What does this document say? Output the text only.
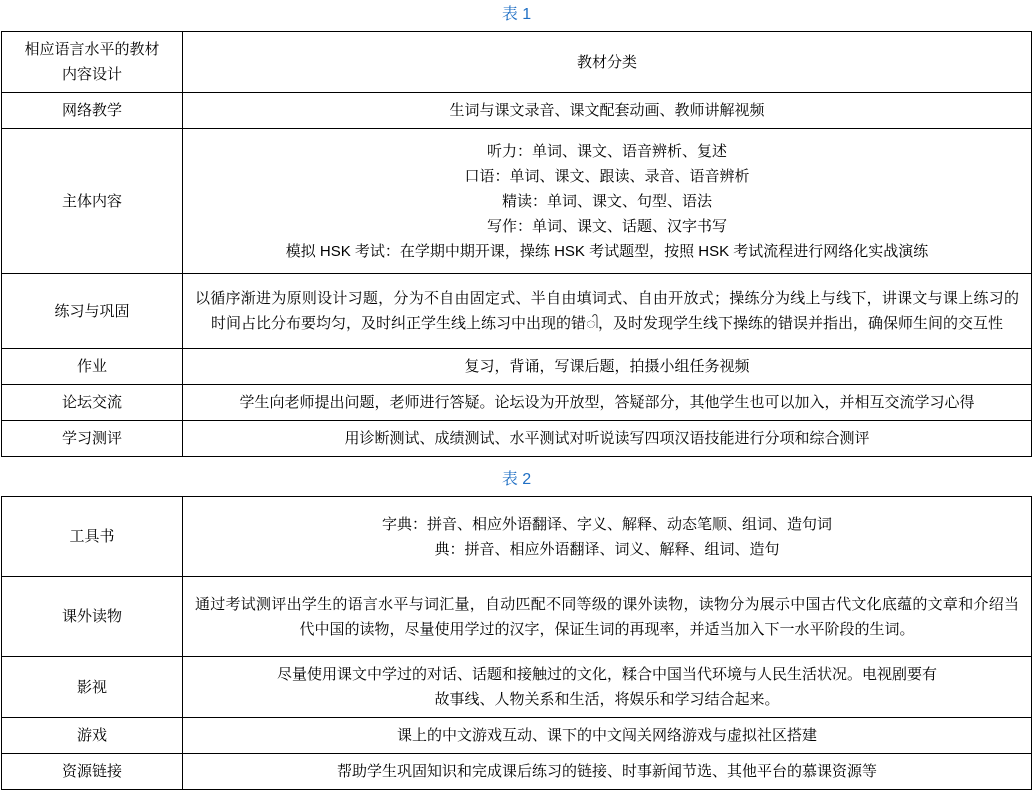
表 1
相应语言水平的教材
内容设计	教材分类

网络教学	生词与课文录音、课文配套动画、教师讲解视频

主体内容	听力：单词、课文、语音辨析、复述
口语：单词、课文、跟读、录音、语音辨析
精读：单词、课文、句型、语法
写作：单词、课文、话题、汉字书写
模拟 HSK 考试：在学期中期开课，操练 HSK 考试题型，按照 HSK 考试流程进行网络化实战演练

练习与巩固	以循序渐进为原则设计习题，分为不自由固定式、半自由填词式、自由开放式；操练分为线上与线下，讲课文与课上练习的时间占比分布要均匀，及时纠正学生线上练习中出现的错ါ，及时发现学生线下操练的错误并指出，确保师生间的交互性
作业	复习，背诵，写课后题，拍摄小组任务视频

论坛交流	学生向老师提出问题，老师进行答疑。论坛设为开放型，答疑部分，其他学生也可以加入，并相互交流学习心得

学习测评	用诊断测试、成绩测试、水平测试对听说读写四项汉语技能进行分项和综合测评
表 2
工具书	字典：拼音、相应外语翻译、字义、解释、动态笔顺、组词、造句词
典：拼音、相应外语翻译、词义、解释、组词、造句

课外读物	通过考试测评出学生的语言水平与词汇量，自动匹配不同等级的课外读物，读物分为展示中国古代文化底蕴的文章和介绍当代中国的读物，尽量使用学过的汉字，保证生词的再现率，并适当加入下一水平阶段的生词。
影视	尽量使用课文中学过的对话、话题和接触过的文化，糅合中国当代环境与人民生活状况。电视剧要有
故事线、人物关系和生活，将娱乐和学习结合起来。

游戏	课上的中文游戏互动、课下的中文闯关网络游戏与虚拟社区搭建

资源链接	帮助学生巩固知识和完成课后练习的链接、时事新闻节选、其他平台的慕课资源等
